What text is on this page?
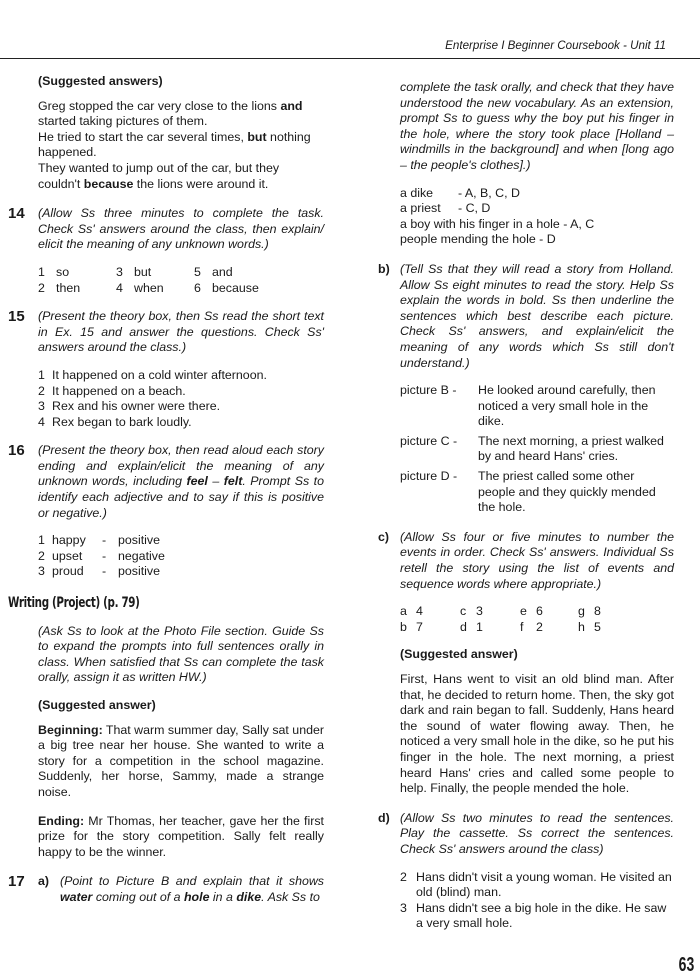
Enterprise I Beginner Coursebook - Unit 11

(Suggested answers)

Greg stopped the car very close to the lions and started taking pictures of them.

He tried to start the car several times, but nothing happened.

They wanted to jump out of the car, but they couldn't because the lions were around it.

14 (Allow Ss three minutes to complete the task. Check Ss' answers around the class, then explain/ elicit the meaning of any unknown words.)

1 so	3 but	5 and
2 then	4 when	6 because
15 (Present the theory box, then Ss read the short text in Ex. 15 and answer the questions. Check Ss' answers around the class.)

1 It happened on a cold winter afternoon.
2 It happened on a beach.
3 Rex and his owner were there.
4 Rex began to bark loudly.
16 (Present the theory box, then read aloud each story ending and explain/elicit the meaning of any unknown words, including feel – felt. Prompt Ss to identify each adjective and to say if this is positive or negative.)

1 happy	- positive
2 upset	- negative
3 proud	- positive
Writing (Project) (p. 79)

(Ask Ss to look at the Photo File section. Guide Ss to expand the prompts into full sentences orally in class. When satisfied that Ss can complete the task orally, assign it as written HW.)

(Suggested answer)

Beginning: That warm summer day, Sally sat under a big tree near her house. She wanted to write a story for a competition in the school magazine. Suddenly, her horse, Sammy, made a strange noise.

Ending: Mr Thomas, her teacher, gave her the first prize for the story competition. Sally felt really happy to be the winner.

17 a) (Point to Picture B and explain that it shows water coming out of a hole in a dike. Ask Ss to

complete the task orally, and check that they have understood the new vocabulary. As an extension, prompt Ss to guess why the boy put his finger in the hole, where the story took place [Holland – windmills in the background] and when [long ago – the people's clothes].)

a dike - A, B, C, D
a priest - C, D
a boy with his finger in a hole - A, C
people mending the hole - D
b) (Tell Ss that they will read a story from Holland. Allow Ss eight minutes to read the story. Help Ss explain the words in bold. Ss then underline the sentences which best describe each picture. Check Ss' answers, and explain/elicit the meaning of any words which Ss still don't understand.)

picture B -	He looked around carefully, then noticed a very small hole in the dike.
picture C -	The next morning, a priest walked by and heard Hans' cries.
picture D -	The priest called some other people and they quickly mended the hole.
c) (Allow Ss four or five minutes to number the events in order. Check Ss' answers. Individual Ss retell the story using the list of events and sequence words where appropriate.)

a 4	c 3	e 6	g 8
b 7	d 1	f	2	h 5

(Suggested answer)

First, Hans went to visit an old blind man. After that, he decided to return home. Then, the sky got dark and rain began to fall. Suddenly, Hans heard the sound of water flowing away. Then, he noticed a very small hole in the dike, so he put his finger in the hole. The next morning, a priest heard Hans' cries and called some people to help. Finally, the people mended the hole.

d) (Allow Ss two minutes to read the sentences. Play the cassette. Ss correct the sentences. Check Ss' answers around the class)

2 Hans didn't visit a young woman. He visited an old (blind) man.
3 Hans didn't see a big hole in the dike. He saw a very small hole.
63
